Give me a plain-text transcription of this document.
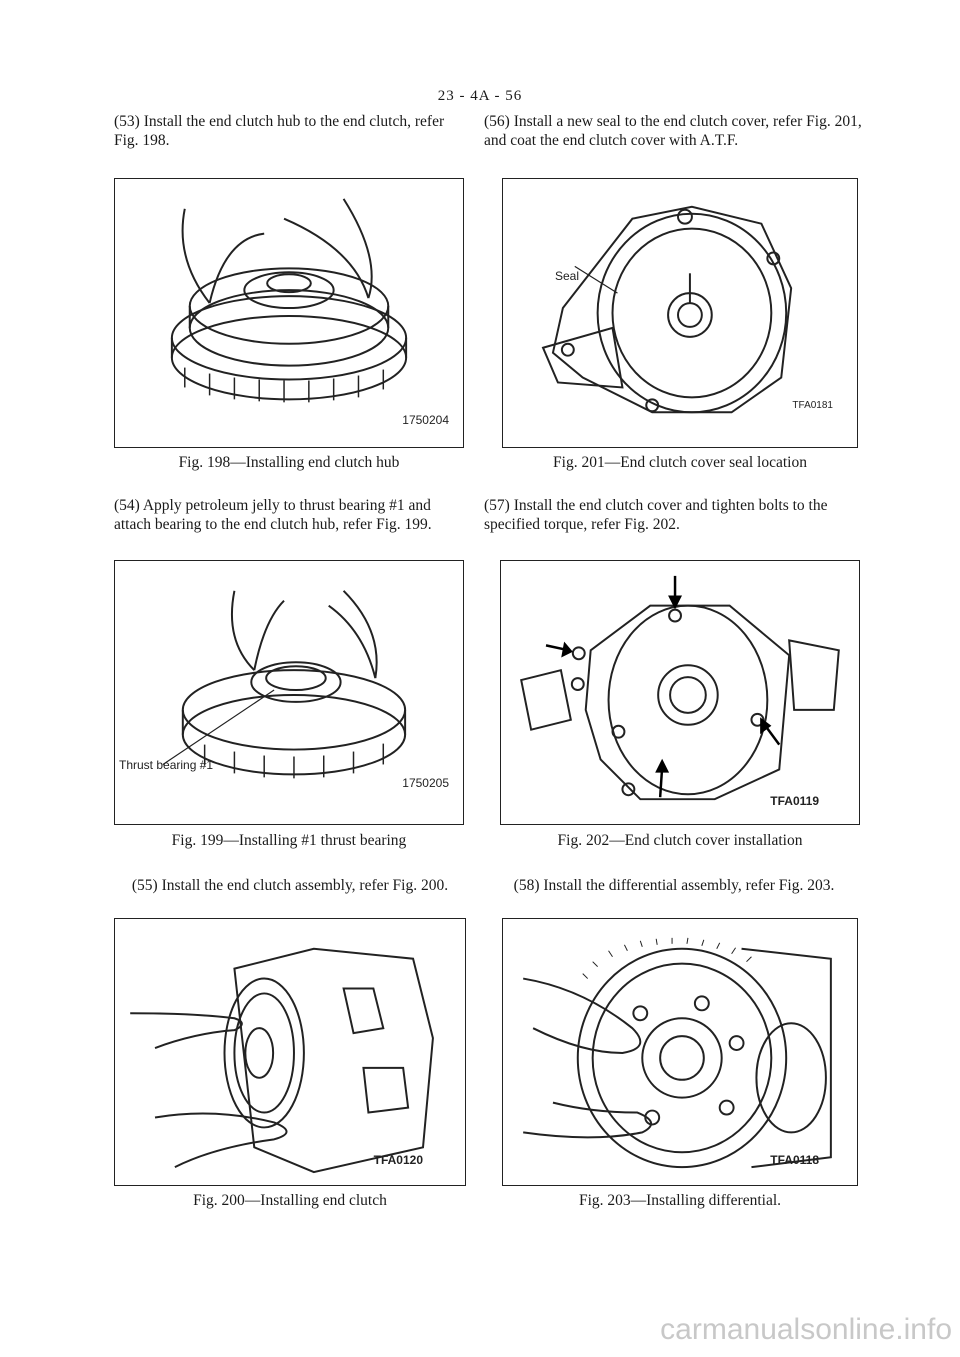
23 - 4A - 56
(53) Install the end clutch hub to the end clutch, refer Fig. 198.
1750204
Fig. 198—Installing end clutch hub
(54) Apply petroleum jelly to thrust bearing #1 and attach bearing to the end clutch hub, refer Fig. 199.
Thrust bearing #1
1750205
Fig. 199—Installing #1 thrust bearing
(55) Install the end clutch assembly, refer Fig. 200.
TFA0120
Fig. 200—Installing end clutch
(56) Install a new seal to the end clutch cover, refer Fig. 201, and coat the end clutch cover with A.T.F.
Seal
TFA0181
Fig. 201—End clutch cover seal location
(57) Install the end clutch cover and tighten bolts to the specified torque, refer Fig. 202.
TFA0119
Fig. 202—End clutch cover installation
(58) Install the differential assembly, refer Fig. 203.
TFA0118
Fig. 203—Installing differential.
carmanualsonline.info
